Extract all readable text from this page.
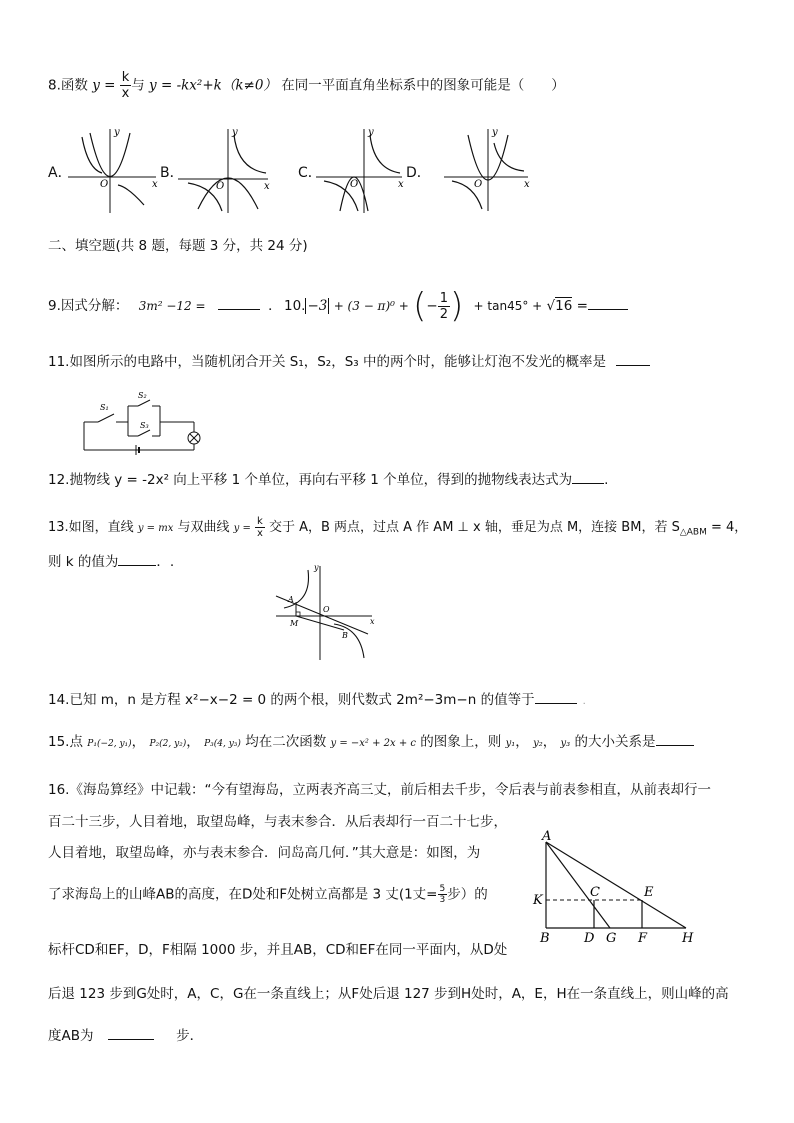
8.函数 $y = \frac{k}{x}$ 与 y = -kx²+k（k≠0） 在同一平面直角坐标系中的图象可能是（　　）
A．	B．	C．	D．
y
x
O
y
x
O
y
x
O
y
x
O
二、填空题(共 8 题，每题 3 分，共 24 分)
9.因式分解： 3m² −12 =	． 10. −3 + (3 − π)⁰ + ( − $\frac{1}{2}$ ) + tan45° + √16 =
11.如图所示的电路中，当随机闭合开关 S₁，S₂，S₃ 中的两个时，能够让灯泡不发光的概率是
S₁
S₂
S₃
12.抛物线 y = -2x² 向上平移 1 个单位，再向右平移 1 个单位，得到的抛物线表达式为 .
13.如图，直线 y = mx 与双曲线 $y = \frac{k}{x}$ 交于 A，B 两点，过点 A 作 AM ⊥ x 轴，垂足为点 M，连接 BM，若 $S_{\triangle ABM} = 4$，
则 k 的值为	．.	y
x
O
A
M
B
14.已知 m，n 是方程 x²−x−2 = 0 的两个根，则代数式 2m²−3m−n 的值等于	.
15.点 P₁(−2, y₁)， P₂(2, y₂)， P₃(4, y₃) 均在二次函数 y = −x² + 2x + c 的图象上，则 y₁， y₂， y₃ 的大小关系是
16.《海岛算经》中记载：“今有望海岛，立两表齐高三丈，前后相去千步，令后表与前表参相直，从前表却行一
百二十三步，人目着地，取望岛峰，与表末参合．从后表却行一百二十七步，
人目着地，取望岛峰，亦与表末参合．问岛高几何．”其大意是：如图，为
了求海岛上的山峰AB的高度，在D处和F处树立高都是 3 丈(1丈= $\frac{5}{3}$ 步）的
标杆CD和EF，D，F相隔 1000 步，并且AB，CD和EF在同一平面内，从D处
后退 123 步到G处时，A，C，G在一条直线上；从F处后退 127 步到H处时，A，E，H在一条直线上，则山峰的高
度AB为	步．
A
K
B
C
D G
E
F	H
